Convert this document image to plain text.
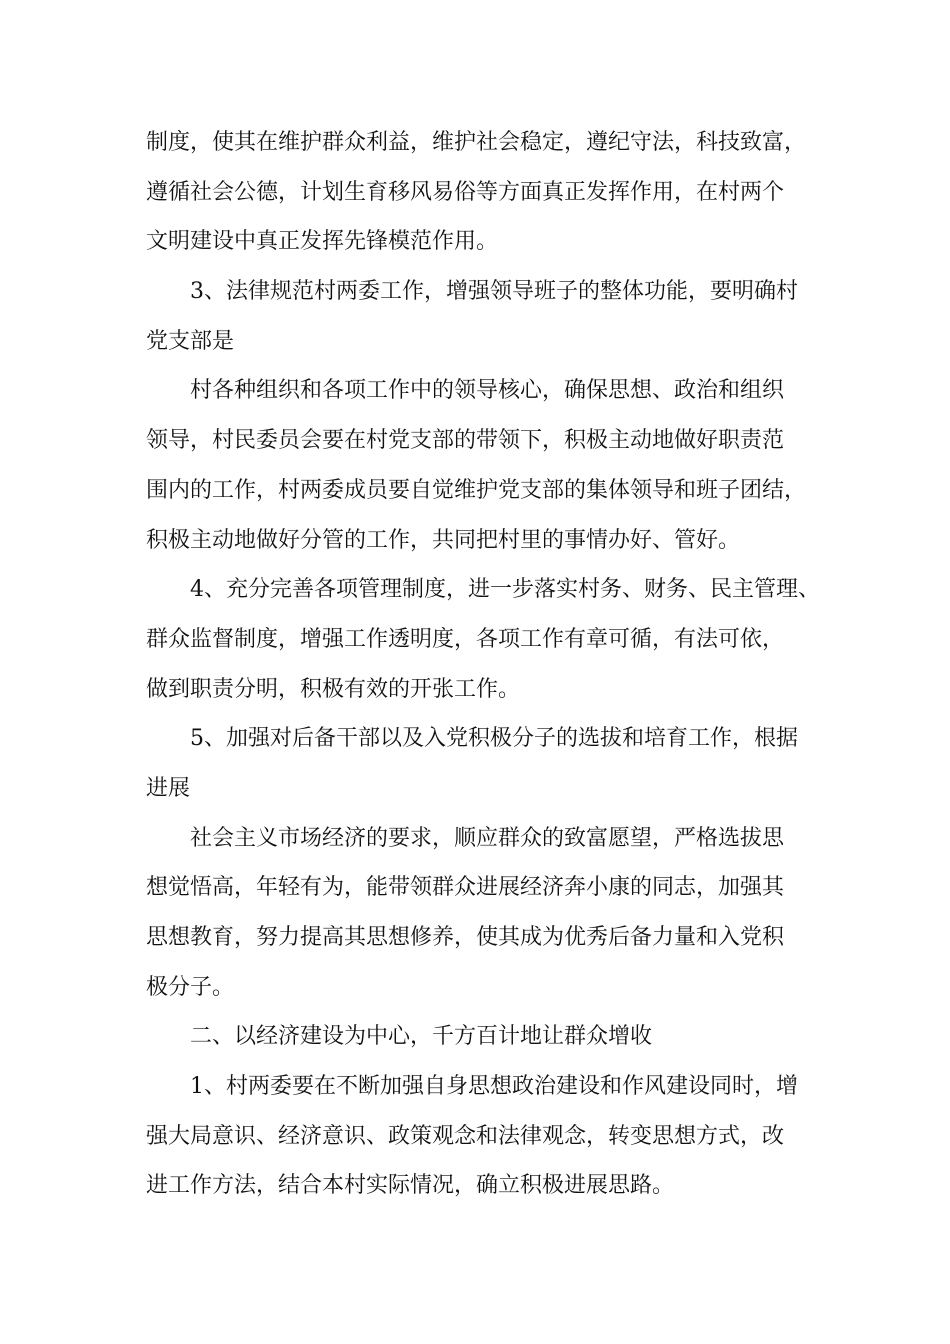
制度，使其在维护群众利益，维护社会稳定，遵纪守法，科技致富，
遵循社会公德，计划生育移风易俗等方面真正发挥作用，在村两个
文明建设中真正发挥先锋模范作用。
3、法律规范村两委工作，增强领导班子的整体功能，要明确村
党支部是
村各种组织和各项工作中的领导核心，确保思想、政治和组织
领导，村民委员会要在村党支部的带领下，积极主动地做好职责范
围内的工作，村两委成员要自觉维护党支部的集体领导和班子团结，
积极主动地做好分管的工作，共同把村里的事情办好、管好。
4、充分完善各项管理制度，进一步落实村务、财务、民主管理、
群众监督制度，增强工作透明度，各项工作有章可循，有法可依，
做到职责分明，积极有效的开张工作。
5、加强对后备干部以及入党积极分子的选拔和培育工作，根据
进展
社会主义市场经济的要求，顺应群众的致富愿望，严格选拔思
想觉悟高，年轻有为，能带领群众进展经济奔小康的同志，加强其
思想教育，努力提高其思想修养，使其成为优秀后备力量和入党积
极分子。
二、以经济建设为中心，千方百计地让群众增收
1、村两委要在不断加强自身思想政治建设和作风建设同时，增
强大局意识、经济意识、政策观念和法律观念，转变思想方式，改
进工作方法，结合本村实际情况，确立积极进展思路。
